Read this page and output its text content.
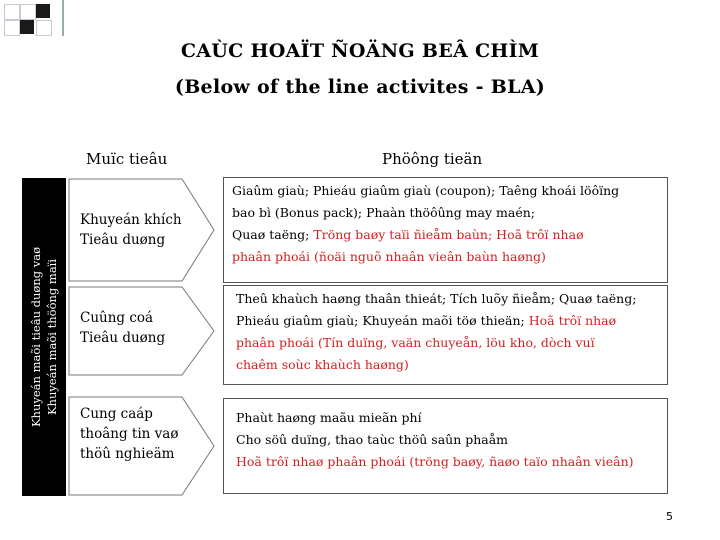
CAÙC HOAÏT ÑOÄNG BEÂ CHÌM
(Below of the line activites - BLA)
Muïc tieâu	Phöông tieän
Khuyeán maõi tieâu duøng vaø Khuyeán maõi thöông maïi
Khuyeán khích
Tieâu duøng
Cuûng coá
Tieâu duøng
Cung caáp
thoâng tin vaø
thöû nghieäm
Giaûm giaù; Phieáu giaûm giaù (coupon); Taêng khoái löôïng
bao bì (Bonus pack); Phaàn thöôûng may maén;
Quaø taëng; Tröng baøy taïi ñieåm baùn; Hoã trôï nhaø
phaân phoái (ñoäi nguõ nhaân vieân baùn haøng)
Theû khaùch haøng thaân thieát; Tích luõy ñieåm; Quaø taëng;
Phieáu giaûm giaù; Khuyeán maõi töø thieän; Hoã trôï nhaø
phaân phoái (Tín duïng, vaän chuyeån, löu kho, dòch vuï
chaêm soùc khaùch haøng)
Phaùt haøng maãu mieãn phí
Cho söû duïng, thao taùc thöû saûn phaåm
Hoã trôï nhaø phaân phoái (tröng baøy, ñaøo taïo nhaân vieân)
5
